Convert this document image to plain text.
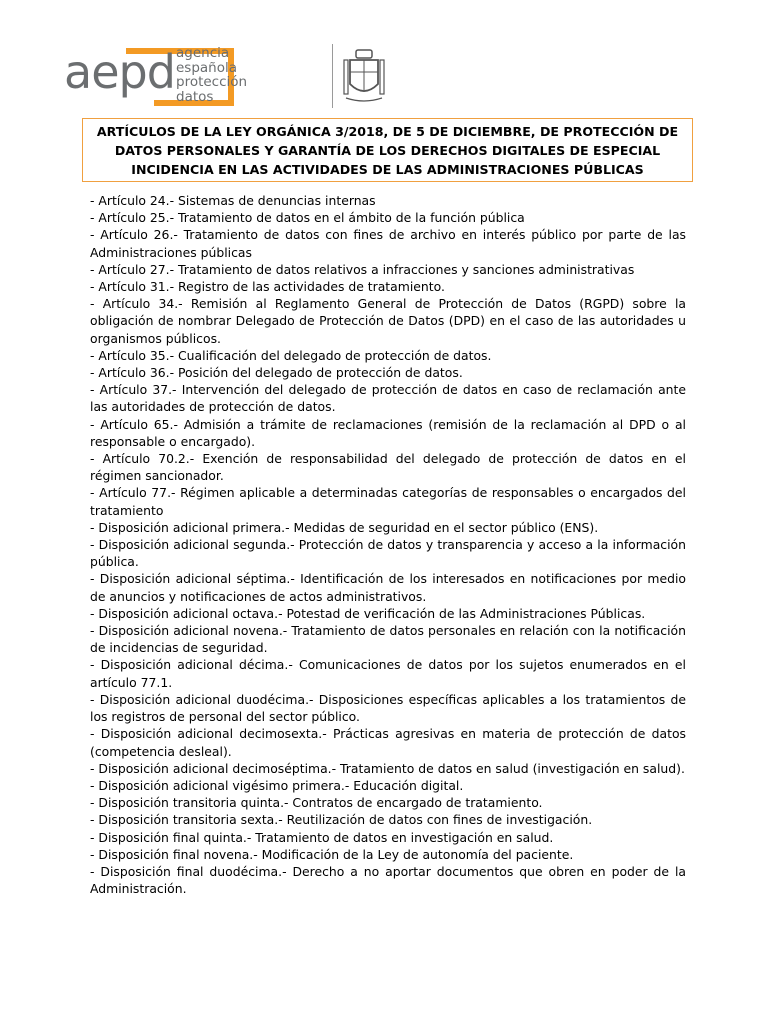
aepd agencia
española
protección
datos
ARTÍCULOS DE LA LEY ORGÁNICA 3/2018, DE 5 DE DICIEMBRE, DE PROTECCIÓN DE DATOS PERSONALES Y GARANTÍA DE LOS DERECHOS DIGITALES DE ESPECIAL INCIDENCIA EN LAS ACTIVIDADES DE LAS ADMINISTRACIONES PÚBLICAS

- Artículo 24.- Sistemas de denuncias internas

- Artículo 25.- Tratamiento de datos en el ámbito de la función pública

- Artículo 26.- Tratamiento de datos con fines de archivo en interés público por parte de las Administraciones públicas

- Artículo 27.- Tratamiento de datos relativos a infracciones y sanciones administrativas

- Artículo 31.- Registro de las actividades de tratamiento.

- Artículo 34.- Remisión al Reglamento General de Protección de Datos (RGPD) sobre la obligación de nombrar Delegado de Protección de Datos (DPD) en el caso de las autoridades u organismos públicos.

- Artículo 35.- Cualificación del delegado de protección de datos.

- Artículo 36.- Posición del delegado de protección de datos.

- Artículo 37.- Intervención del delegado de protección de datos en caso de reclamación ante las autoridades de protección de datos.

- Artículo 65.- Admisión a trámite de reclamaciones (remisión de la reclamación al DPD o al responsable o encargado).

- Artículo 70.2.- Exención de responsabilidad del delegado de protección de datos en el régimen sancionador.

- Artículo 77.- Régimen aplicable a determinadas categorías de responsables o encargados del tratamiento

- Disposición adicional primera.- Medidas de seguridad en el sector público (ENS).

- Disposición adicional segunda.- Protección de datos y transparencia y acceso a la información pública.

- Disposición adicional séptima.- Identificación de los interesados en notificaciones por medio de anuncios y notificaciones de actos administrativos.

- Disposición adicional octava.- Potestad de verificación de las Administraciones Públicas.

- Disposición adicional novena.- Tratamiento de datos personales en relación con la notificación de incidencias de seguridad.

- Disposición adicional décima.- Comunicaciones de datos por los sujetos enumerados en el artículo 77.1.

- Disposición adicional duodécima.- Disposiciones específicas aplicables a los tratamientos de los registros de personal del sector público.

- Disposición adicional decimosexta.- Prácticas agresivas en materia de protección de datos (competencia desleal).

- Disposición adicional decimoséptima.- Tratamiento de datos en salud (investigación en salud).

- Disposición adicional vigésimo primera.- Educación digital.

- Disposición transitoria quinta.- Contratos de encargado de tratamiento.

- Disposición transitoria sexta.- Reutilización de datos con fines de investigación.

- Disposición final quinta.- Tratamiento de datos en investigación en salud.

- Disposición final novena.- Modificación de la Ley de autonomía del paciente.

- Disposición final duodécima.- Derecho a no aportar documentos que obren en poder de la Administración.
